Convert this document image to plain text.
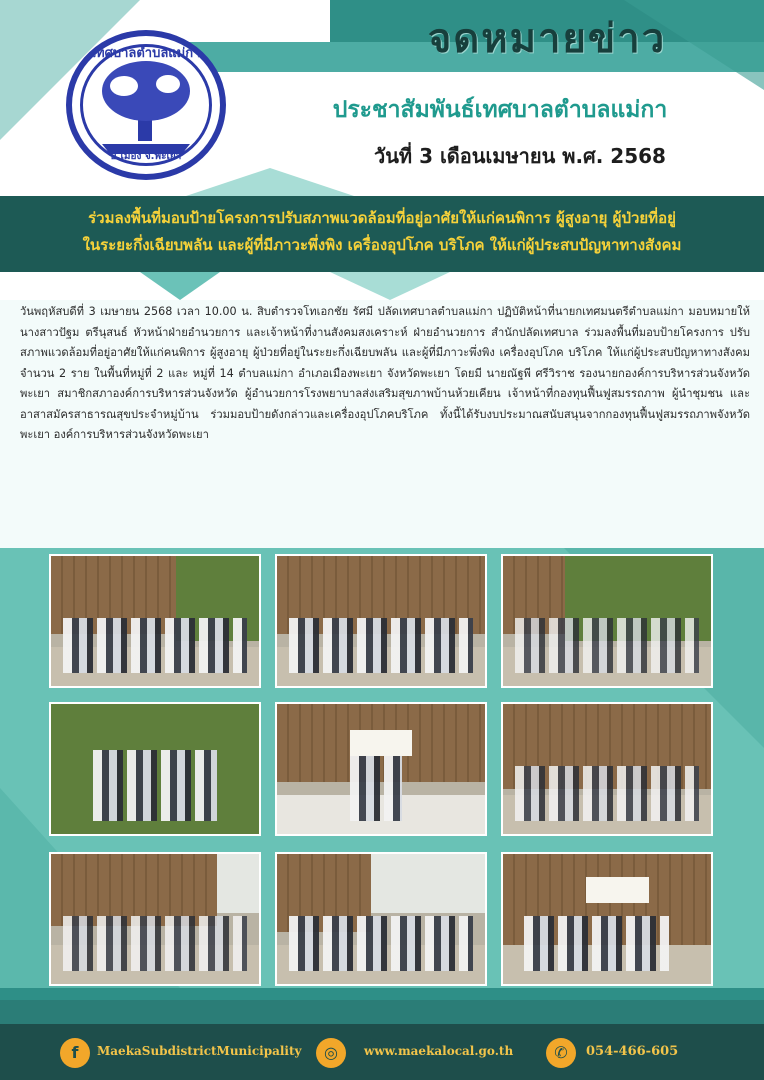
จดหมายข่าว
ประชาสัมพันธ์เทศบาลตำบลแม่กา
วันที่ 3 เดือนเมษายน พ.ศ. 2568
เทศบาลตำบลแม่กา
อ.เมือง จ.พะเยา
ร่วมลงพื้นที่มอบป้ายโครงการปรับสภาพแวดล้อมที่อยู่อาศัยให้แก่คนพิการ ผู้สูงอายุ ผู้ป่วยที่อยู่
ในระยะกึ่งเฉียบพลัน และผู้ที่มีภาวะพึ่งพิง เครื่องอุปโภค บริโภค ให้แก่ผู้ประสบปัญหาทางสังคม
วันพฤหัสบดีที่ 3 เมษายน 2568 เวลา 10.00 น. สิบตำรวจโทเอกชัย รัศมี ปลัดเทศบาลตำบลแม่กา ปฏิบัติหน้าที่นายกเทศมนตรีตำบลแม่กา มอบหมายให้ นางสาวปัฐม ตรีนุสนธ์ หัวหน้าฝ่ายอำนวยการ และเจ้าหน้าที่งานสังคมสงเคราะห์ ฝ่ายอำนวยการ สำนักปลัดเทศบาล ร่วมลงพื้นที่มอบป้ายโครงการ ปรับสภาพแวดล้อมที่อยู่อาศัยให้แก่คนพิการ ผู้สูงอายุ ผู้ป่วยที่อยู่ในระยะกึ่งเฉียบพลัน และผู้ที่มีภาวะพึ่งพิง เครื่องอุปโภค บริโภค ให้แก่ผู้ประสบปัญหาทางสังคม จำนวน 2 ราย ในพื้นที่หมู่ที่ 2 และ หมู่ที่ 14 ตำบลแม่กา อำเภอเมืองพะเยา จังหวัดพะเยา โดยมี นายณัฐพี ศรีวิราช รองนายกองค์การบริหารส่วนจังหวัดพะเยา สมาชิกสภาองค์การบริหารส่วนจังหวัด ผู้อำนวยการโรงพยาบาลส่งเสริมสุขภาพบ้านห้วยเคียน เจ้าหน้าที่กองทุนฟื้นฟูสมรรถภาพ ผู้นำชุมชน และอาสาสมัครสาธารณสุขประจำหมู่บ้าน ร่วมมอบป้ายดังกล่าวและเครื่องอุปโภคบริโภค ทั้งนี้ได้รับงบประมาณสนับสนุนจากกองทุนฟื้นฟูสมรรถภาพจังหวัดพะเยา องค์การบริหารส่วนจังหวัดพะเยา
f	MaekaSubdistrictMunicipality	◎	www.maekalocal.go.th	✆	054-466-605
